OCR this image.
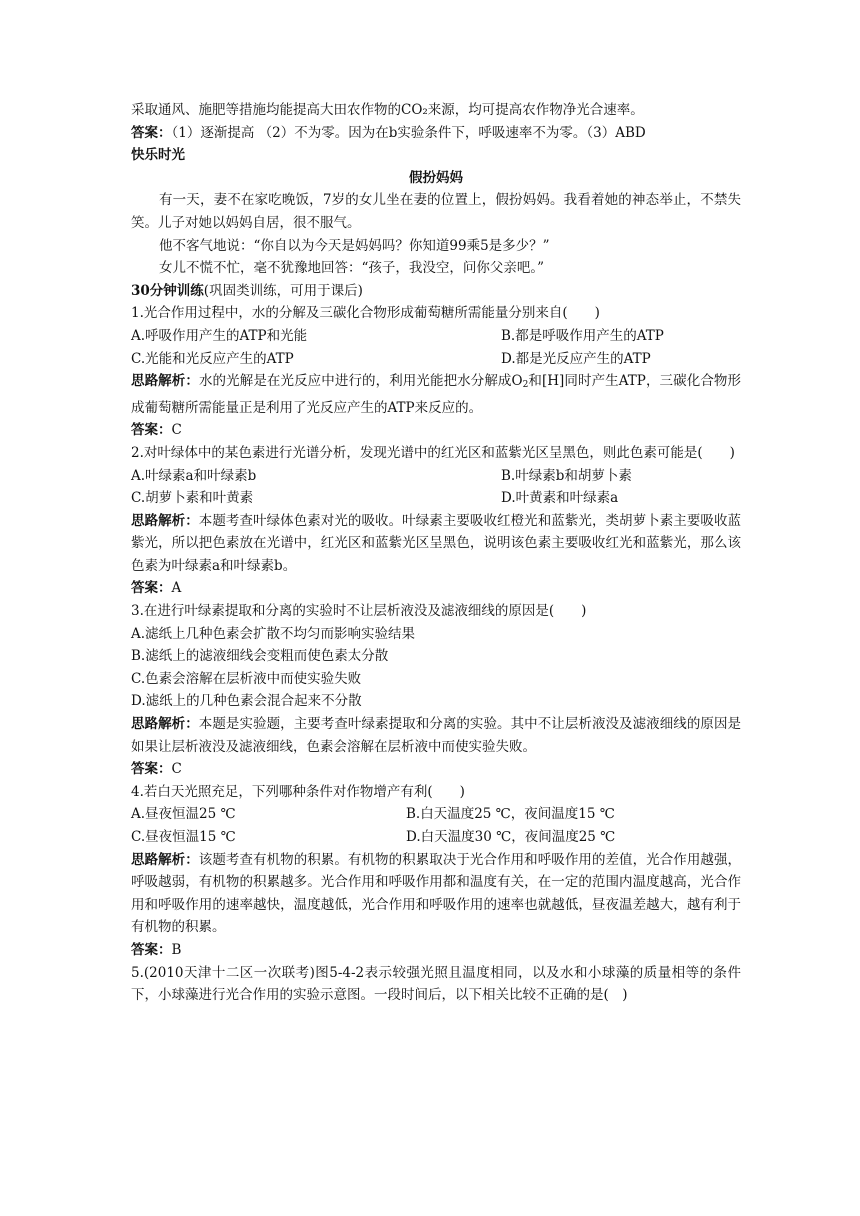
采取通风、施肥等措施均能提高大田农作物的CO₂来源，均可提高农作物净光合速率。
答案：（1）逐渐提高 （2）不为零。因为在b实验条件下，呼吸速率不为零。（3）ABD
快乐时光
假扮妈妈
有一天，妻不在家吃晚饭，7岁的女儿坐在妻的位置上，假扮妈妈。我看着她的神态举止，不禁失笑。儿子对她以妈妈自居，很不服气。
他不客气地说：“你自以为今天是妈妈吗？你知道99乘5是多少？”
女儿不慌不忙，毫不犹豫地回答：“孩子，我没空，问你父亲吧。”
30分钟训练(巩固类训练，可用于课后)
1.光合作用过程中，水的分解及三碳化合物形成葡萄糖所需能量分别来自(　　)
A.呼吸作用产生的ATP和光能	B.都是呼吸作用产生的ATP
C.光能和光反应产生的ATP	D.都是光反应产生的ATP
思路解析：水的光解是在光反应中进行的，利用光能把水分解成$O_2$和[H]同时产生ATP，三碳化合物形成葡萄糖所需能量正是利用了光反应产生的ATP来反应的。
答案：C
2.对叶绿体中的某色素进行光谱分析，发现光谱中的红光区和蓝紫光区呈黑色，则此色素可能是(　　)
A.叶绿素a和叶绿素b	B.叶绿素b和胡萝卜素
C.胡萝卜素和叶黄素	D.叶黄素和叶绿素a
思路解析：本题考查叶绿体色素对光的吸收。叶绿素主要吸收红橙光和蓝紫光，类胡萝卜素主要吸收蓝紫光，所以把色素放在光谱中，红光区和蓝紫光区呈黑色，说明该色素主要吸收红光和蓝紫光，那么该色素为叶绿素a和叶绿素b。
答案：A
3.在进行叶绿素提取和分离的实验时不让层析液没及滤液细线的原因是(　　)
A.滤纸上几种色素会扩散不均匀而影响实验结果
B.滤纸上的滤液细线会变粗而使色素太分散
C.色素会溶解在层析液中而使实验失败
D.滤纸上的几种色素会混合起来不分散
思路解析：本题是实验题，主要考查叶绿素提取和分离的实验。其中不让层析液没及滤液细线的原因是如果让层析液没及滤液细线，色素会溶解在层析液中而使实验失败。
答案：C
4.若白天光照充足，下列哪种条件对作物增产有利(　　)
A.昼夜恒温25 ℃	B.白天温度25 ℃，夜间温度15 ℃
C.昼夜恒温15 ℃	D.白天温度30 ℃，夜间温度25 ℃
思路解析：该题考查有机物的积累。有机物的积累取决于光合作用和呼吸作用的差值，光合作用越强，呼吸越弱，有机物的积累越多。光合作用和呼吸作用都和温度有关，在一定的范围内温度越高，光合作用和呼吸作用的速率越快，温度越低，光合作用和呼吸作用的速率也就越低，昼夜温差越大，越有利于有机物的积累。
答案：B
5.(2010天津十二区一次联考)图5-4-2表示较强光照且温度相同，以及水和小球藻的质量相等的条件下，小球藻进行光合作用的实验示意图。一段时间后，以下相关比较不正确的是(　)
